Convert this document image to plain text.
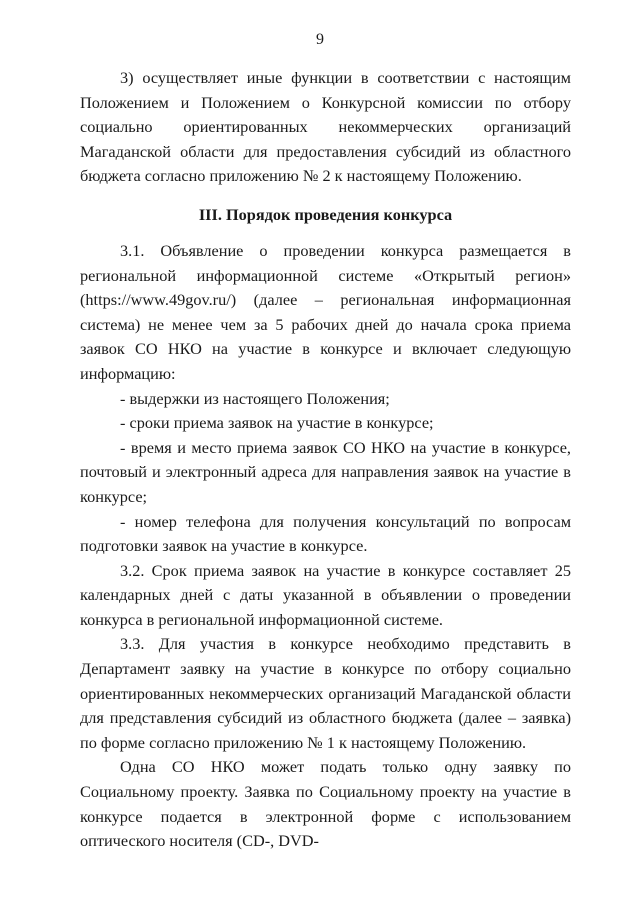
9

3) осуществляет иные функции в соответствии с настоящим Положением и Положением о Конкурсной комиссии по отбору социально ориентированных некоммерческих организаций Магаданской области для предоставления субсидий из областного бюджета согласно приложению № 2 к настоящему Положению.

III. Порядок проведения конкурса

3.1. Объявление о проведении конкурса размещается в региональной информационной системе «Открытый регион» (https://www.49gov.ru/) (далее – региональная информационная система) не менее чем за 5 рабочих дней до начала срока приема заявок СО НКО на участие в конкурсе и включает следующую информацию:

- выдержки из настоящего Положения;

- сроки приема заявок на участие в конкурсе;

- время и место приема заявок СО НКО на участие в конкурсе, почтовый и электронный адреса для направления заявок на участие в конкурсе;

- номер телефона для получения консультаций по вопросам подготовки заявок на участие в конкурсе.

3.2. Срок приема заявок на участие в конкурсе составляет 25 календарных дней с даты указанной в объявлении о проведении конкурса в региональной информационной системе.

3.3. Для участия в конкурсе необходимо представить в Департамент заявку на участие в конкурсе по отбору социально ориентированных некоммерческих организаций Магаданской области для представления субсидий из областного бюджета (далее – заявка) по форме согласно приложению № 1 к настоящему Положению.

Одна СО НКО может подать только одну заявку по Социальному проекту. Заявка по Социальному проекту на участие в конкурсе подается в электронной форме с использованием оптического носителя (CD-, DVD-
